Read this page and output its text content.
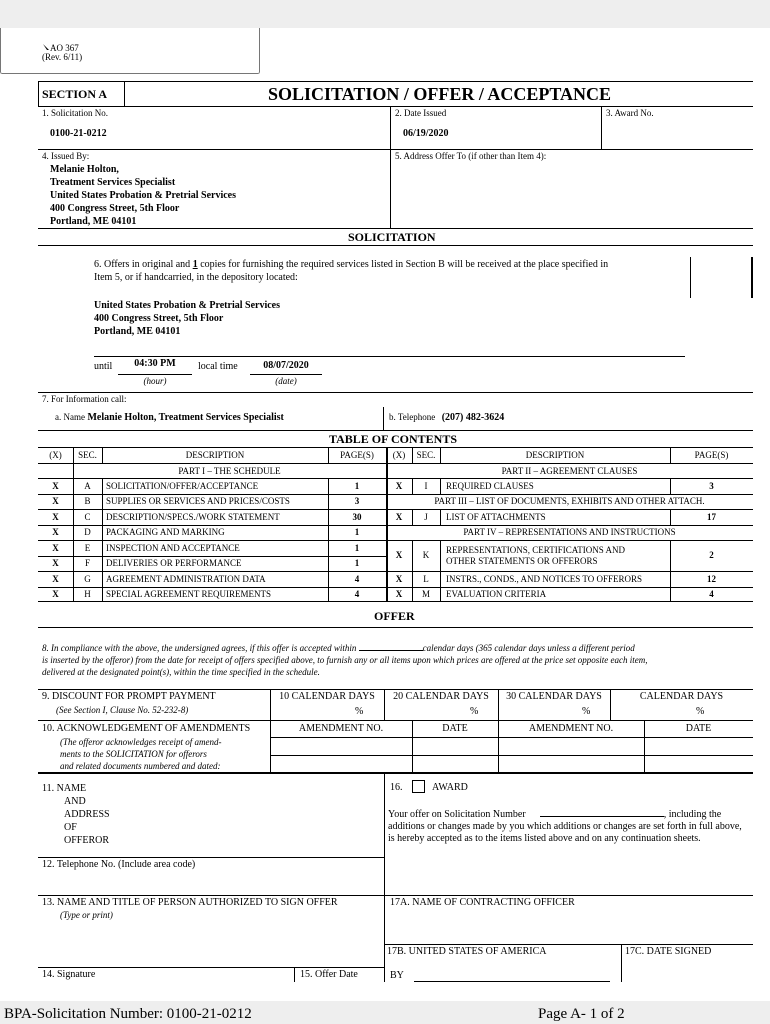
AO 367
(Rev. 6/11)
SECTION A	SOLICITATION / OFFER / ACCEPTANCE
1. Solicitation No.
0100-21-0212
2. Date Issued
06/19/2020
3. Award No.
4. Issued By:
Melanie Holton,
Treatment Services Specialist
United States Probation & Pretrial Services
400 Congress Street, 5th Floor
Portland, ME 04101
5. Address Offer To (if other than Item 4):
SOLICITATION
6. Offers in original and 1 copies for furnishing the required services listed in Section B will be received at the place specified in
Item 5, or if handcarried, in the depository located:
United States Probation & Pretrial Services
400 Congress Street, 5th Floor
Portland, ME 04101
until	04:30 PM
(hour)
local time	08/07/2020
(date)
7. For Information call:
a. Name Melanie Holton, Treatment Services Specialist	b. Telephone (207) 482-3624
TABLE OF CONTENTS
(X)	SEC.	DESCRIPTION	PAGE(S)	(X)	SEC.	DESCRIPTION	PAGE(S)
PART I – THE SCHEDULE	PART II – AGREEMENT CLAUSES
X	A	SOLICITATION/OFFER/ACCEPTANCE	1
X	B	SUPPLIES OR SERVICES AND PRICES/COSTS	3
X	C	DESCRIPTION/SPECS./WORK STATEMENT	30
X	D	PACKAGING AND MARKING	1
X	E	INSPECTION AND ACCEPTANCE	1
X	F	DELIVERIES OR PERFORMANCE	1
X	G	AGREEMENT ADMINISTRATION DATA	4
X	H	SPECIAL AGREEMENT REQUIREMENTS	4
X	I	REQUIRED CLAUSES	3
PART III – LIST OF DOCUMENTS, EXHIBITS AND OTHER ATTACH.
X	J	LIST OF ATTACHMENTS	17
PART IV – REPRESENTATIONS AND INSTRUCTIONS
X	K	REPRESENTATIONS, CERTIFICATIONS AND
OTHER STATEMENTS OR OFFERORS
2
X	L	INSTRS., CONDS., AND NOTICES TO OFFERORS	12
X	M	EVALUATION CRITERIA	4
OFFER
8. In compliance with the above, the undersigned agrees, if this offer is accepted within	calendar days (365 calendar days unless a different period
is inserted by the offeror) from the date for receipt of offers specified above, to furnish any or all items upon which prices are offered at the price set opposite each item,
delivered at the designated point(s), within the time specified in the schedule.
9. DISCOUNT FOR PROMPT PAYMENT
(See Section I, Clause No. 52-232-8)
10 CALENDAR DAYS	20 CALENDAR DAYS	30 CALENDAR DAYS	CALENDAR DAYS
%	%	%	%
10. ACKNOWLEDGEMENT OF AMENDMENTS
(The offeror acknowledges receipt of amend-
ments to the SOLICITATION for offerors
and related documents numbered and dated:
AMENDMENT NO.	DATE	AMENDMENT NO.	DATE
11. NAME
AND
ADDRESS
OF
OFFEROR
12. Telephone No. (Include area code)
13. NAME AND TITLE OF PERSON AUTHORIZED TO SIGN OFFER
(Type or print)
14. Signature	15. Offer Date
16.	AWARD
Your offer on Solicitation Number	, including the
additions or changes made by you which additions or changes are set forth in full above,
is hereby accepted as to the items listed above and on any continuation sheets.
17A. NAME OF CONTRACTING OFFICER
17B. UNITED STATES OF AMERICA	17C. DATE SIGNED
BY
BPA-Solicitation Number: 0100-21-0212	Page A- 1 of 2
